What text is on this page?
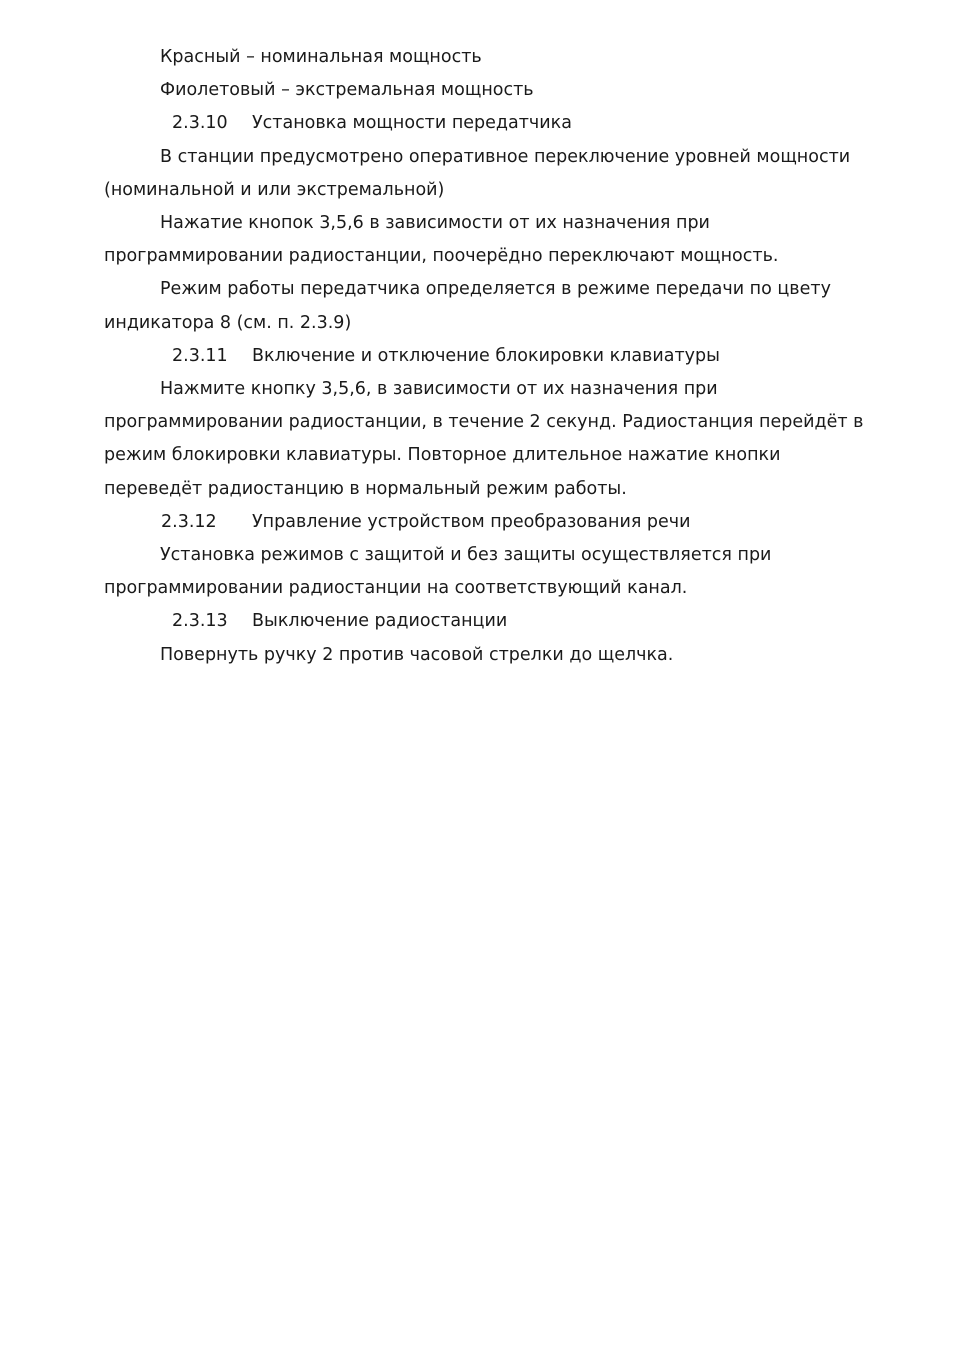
Красный – номинальная мощность

Фиолетовый – экстремальная мощность

2.3.10 Установка мощности передатчика

В станции предусмотрено оперативное переключение уровней мощности (номинальной и или экстремальной)

Нажатие кнопок 3,5,6 в зависимости от их назначения при программировании радиостанции, поочерёдно переключают мощность.

Режим работы передатчика определяется в режиме передачи по цвету индикатора 8 (см. п. 2.3.9)

2.3.11 Включение и отключение блокировки клавиатуры

Нажмите кнопку 3,5,6, в зависимости от их назначения при программировании радиостанции, в течение 2 секунд. Радиостанция перейдёт в режим блокировки клавиатуры. Повторное длительное нажатие кнопки переведёт радиостанцию в нормальный режим работы.

2.3.12 Управление устройством преобразования речи

Установка режимов с защитой и без защиты осуществляется при программировании радиостанции на соответствующий канал.

2.3.13 Выключение радиостанции

Повернуть ручку 2 против часовой стрелки до щелчка.
